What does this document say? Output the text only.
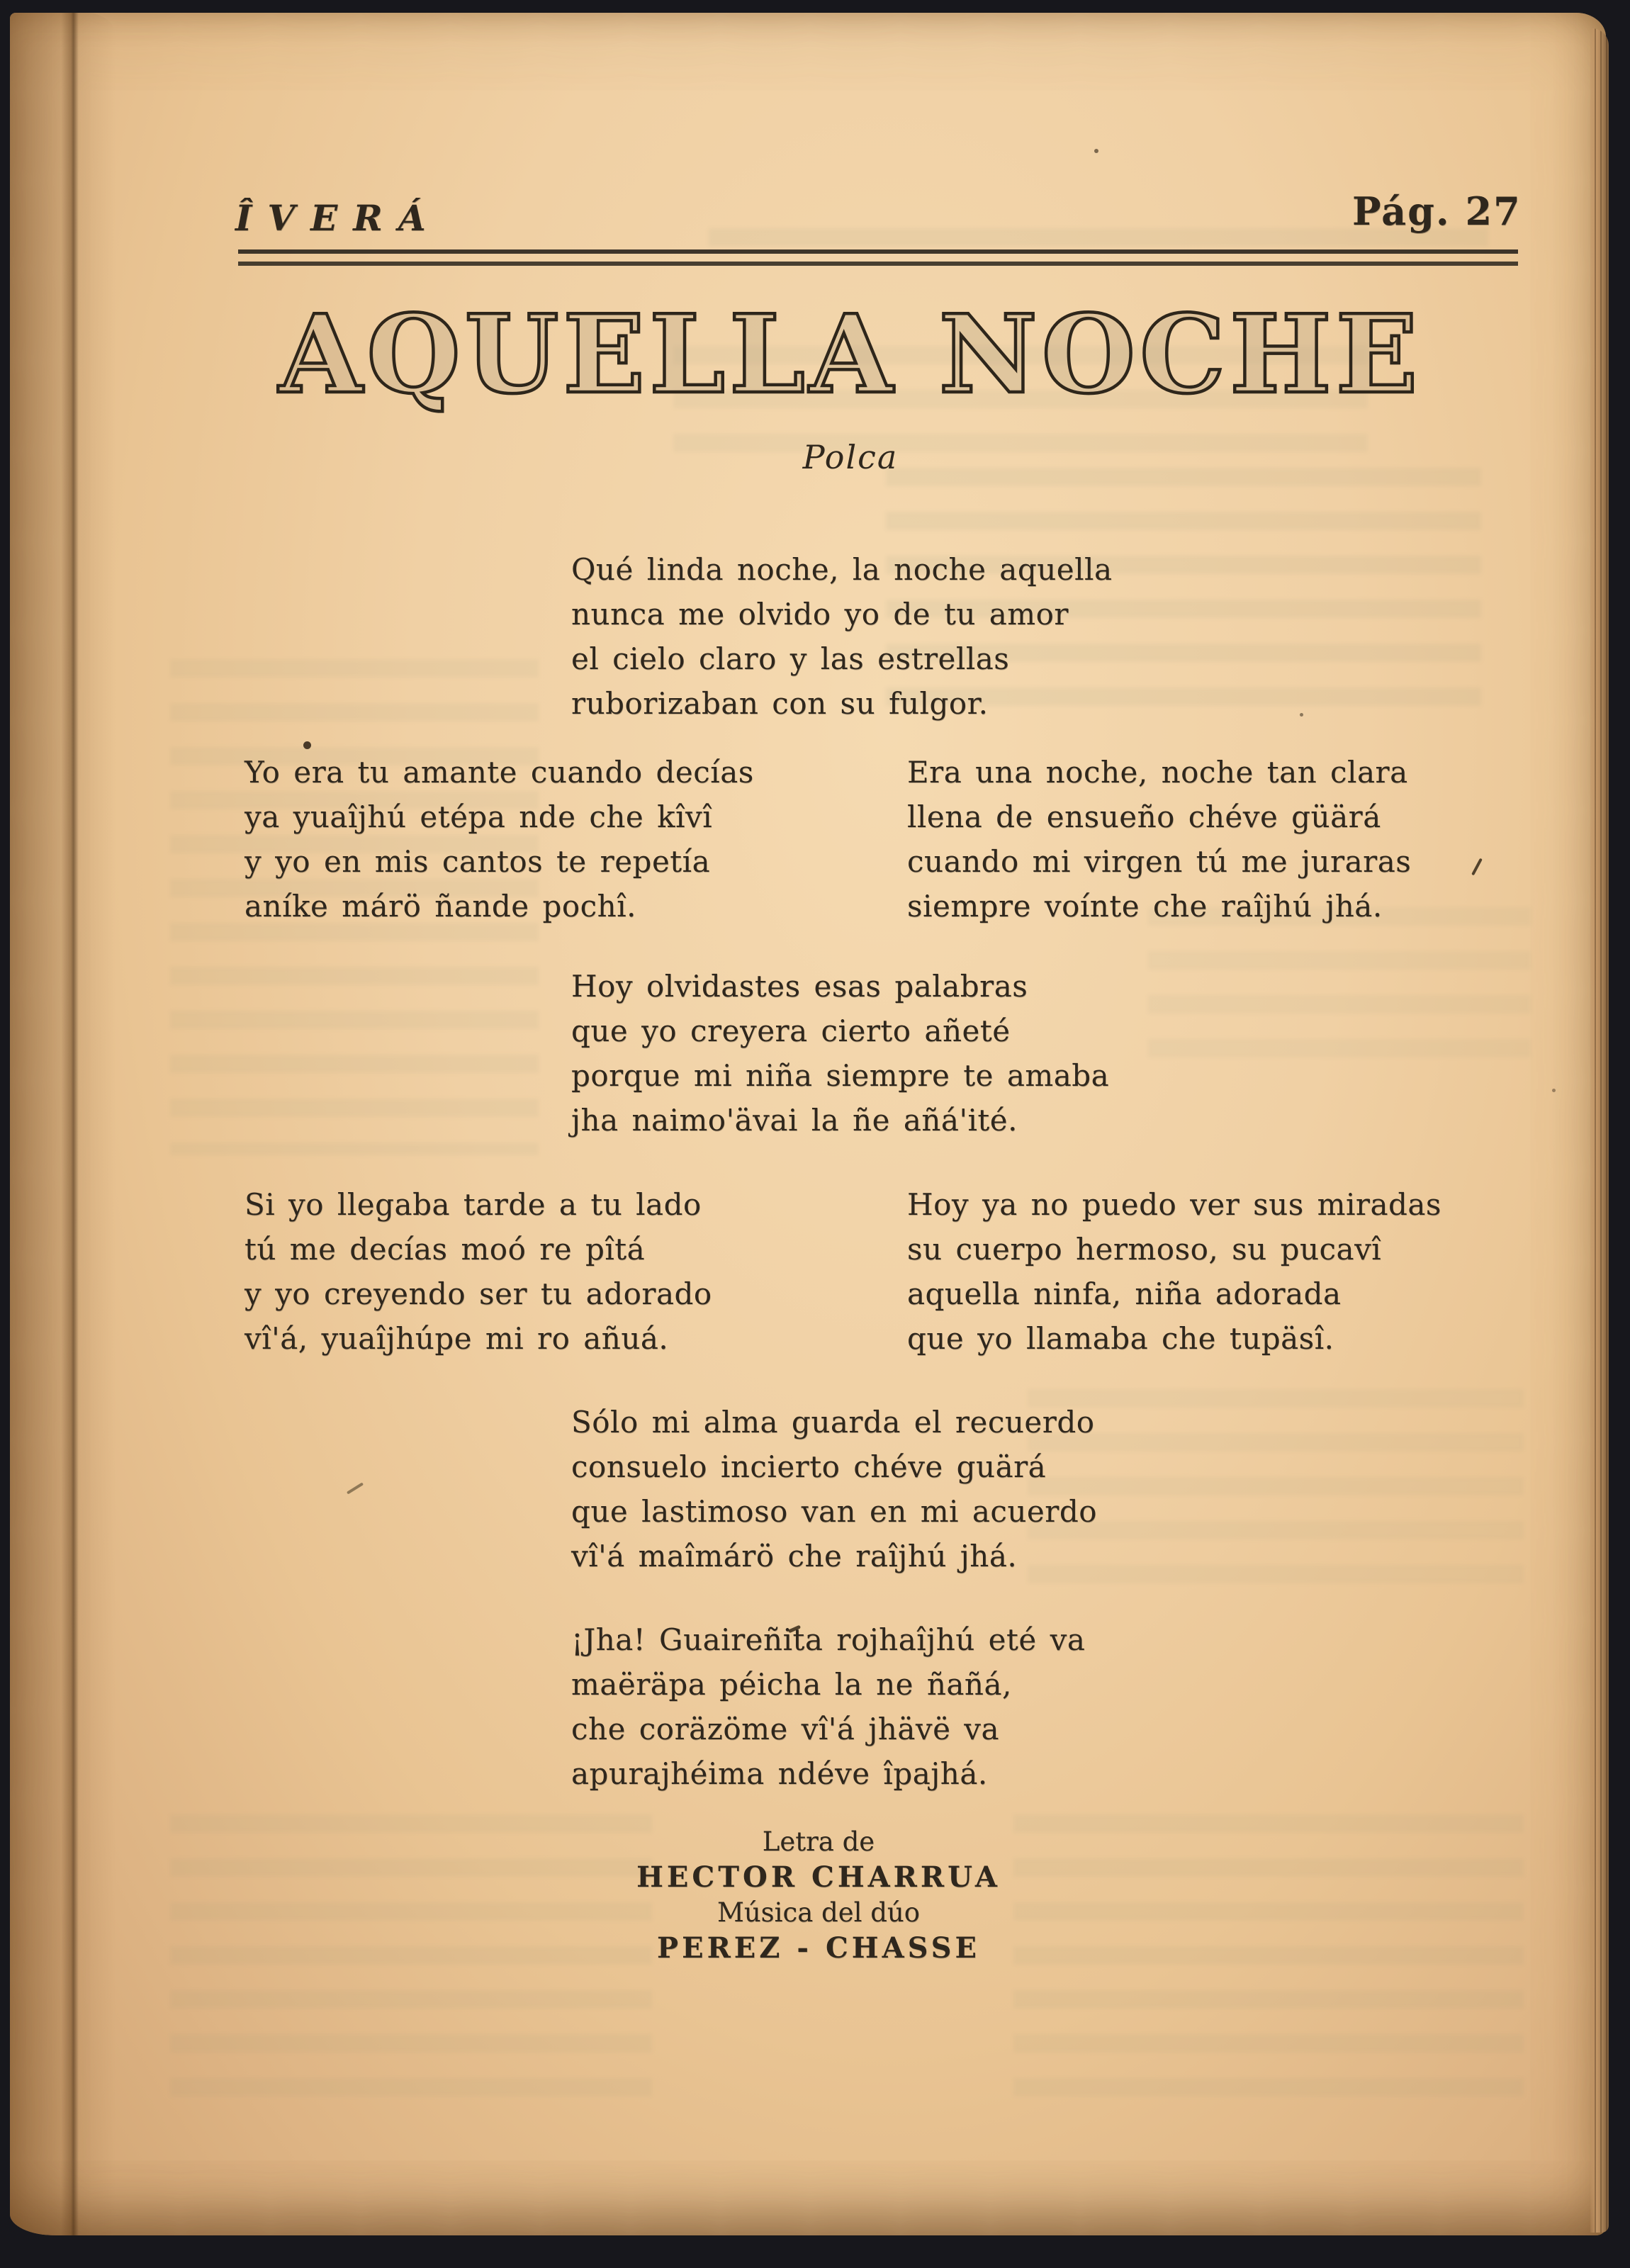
ÎVERÁ	Pág. 27
AQUELLA NOCHE
Polca
Qué linda noche, la noche aquella
nunca me olvido yo de tu amor
el cielo claro y las estrellas
ruborizaban con su fulgor.
Yo era tu amante cuando decías
ya yuaîjhú etépa nde che kîvî
y yo en mis cantos te repetía
aníke márö ñande pochî.
Era una noche, noche tan clara
llena de ensueño chéve güärá
cuando mi virgen tú me juraras
siempre voínte che raîjhú jhá.
Hoy olvidastes esas palabras
que yo creyera cierto añeté
porque mi niña siempre te amaba
jha naimo'ävai la ñe añá'ité.
Si yo llegaba tarde a tu lado
tú me decías moó re pîtá
y yo creyendo ser tu adorado
vî'á, yuaîjhúpe mi ro añuá.
Hoy ya no puedo ver sus miradas
su cuerpo hermoso, su pucavî
aquella ninfa, niña adorada
que yo llamaba che tupäsî.
Sólo mi alma guarda el recuerdo
consuelo incierto chéve guärá
que lastimoso van en mi acuerdo
vî'á maîmárö che raîjhú jhá.
¡Jha! Guaireñita rojhaîjhú eté va
maëräpa péicha la ne ñañá,
che coräzöme vî'á jhävë va
apurajhéima ndéve îpajhá.
Letra de
HECTOR CHARRUA
Música del dúo
PEREZ - CHASSE
